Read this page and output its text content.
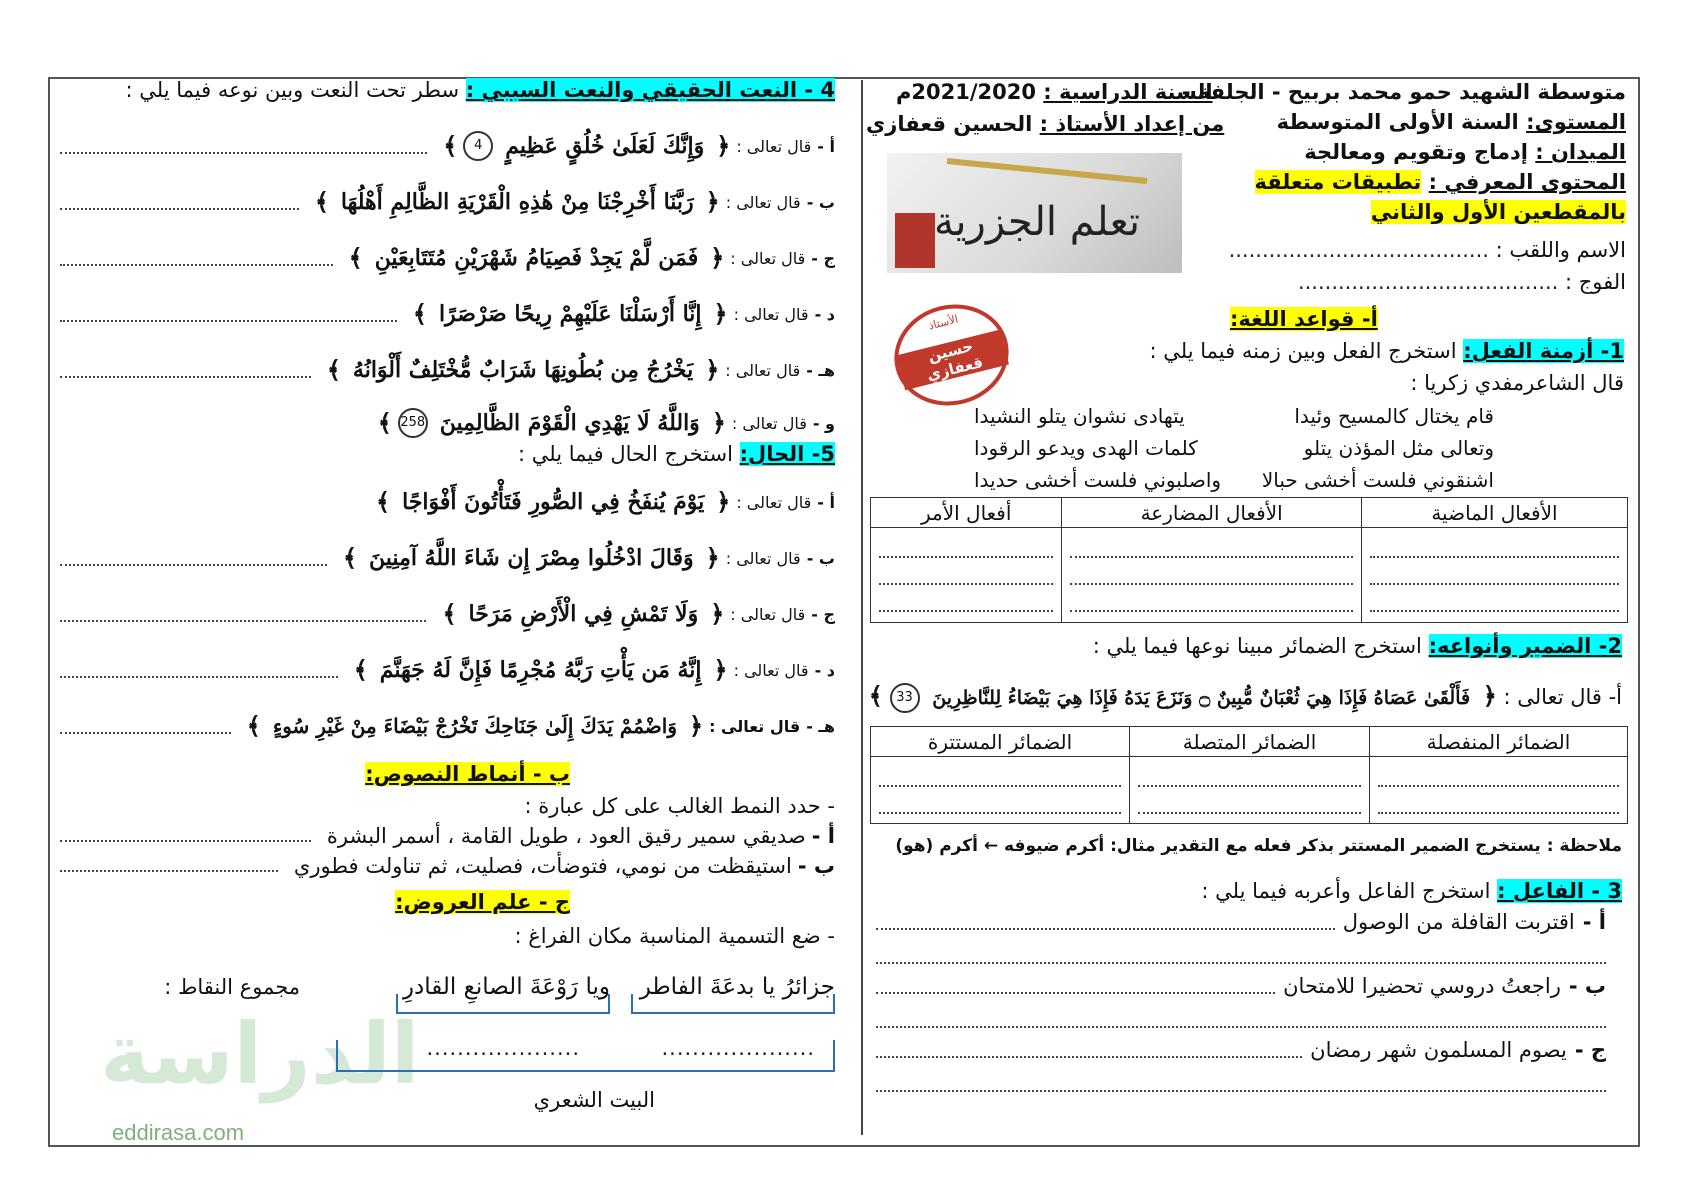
الدراسة
eddirasa.com
متوسطة الشهيد حمو محمد بربيح - الجلفة -
المستوى: السنة الأولى المتوسطة
الميدان : إدماج وتقويم ومعالجة
المحتوى المعرفي : تطبيقات متعلقة
بالمقطعين الأول والثاني
الاسم واللقب : .......................................
الفوج : .......................................
السنة الدراسية : 2021/2020م
من إعداد الأستاذ : الحسين قعفازي
تعلم الجزرية
الأستاذ
حسين قعفازي
أ- قواعد اللغة:
1- أزمنة الفعل: استخرج الفعل وبين زمنه فيما يلي :
قال الشاعرمفدي زكريا :
قام يختال كالمسيح وئيدا
يتهادى نشوان يتلو النشيدا
وتعالى مثل المؤذن يتلو
كلمات الهدى ويدعو الرقودا
اشنقوني فلست أخشى حبالا
واصلبوني فلست أخشى حديدا
الأفعال الماضية	الأفعال المضارعة	أفعال الأمر

2- الضمير وأنواعه: استخرج الضمائر مبينا نوعها فيما يلي :
أ- قال تعالى : ﴿ فَأَلْقَىٰ عَصَاهُ فَإِذَا هِيَ ثُعْبَانٌ مُّبِينٌ ۝ وَنَزَعَ يَدَهُ فَإِذَا هِيَ بَيْضَاءُ لِلنَّاظِرِينَ 33 ﴾
الضمائر المنفصلة	الضمائر المتصلة	الضمائر المستترة

ملاحظة : يستخرج الضمير المستتر بذكر فعله مع التقدير مثال: أكرم ضيوفه ← أكرم (هو)
3 - الفاعل : استخرج الفاعل وأعربه فيما يلي :
أ -
اقتربت القافلة من الوصول
ب -
راجعتُ دروسي تحضيرا للامتحان
ج -
يصوم المسلمون شهر رمضان
4 - النعت الحقيقي والنعت السببي : سطر تحت النعت وبين نوعه فيما يلي :
أ -
قال تعالى :
﴿
وَإِنَّكَ لَعَلَىٰ خُلُقٍ عَظِيمٍ
4
﴾
ب -
قال تعالى :
﴿
رَبَّنَا أَخْرِجْنَا مِنْ هَٰذِهِ الْقَرْيَةِ الظَّالِمِ أَهْلُهَا
﴾
ج -
قال تعالى :
﴿
فَمَن لَّمْ يَجِدْ فَصِيَامُ شَهْرَيْنِ مُتَتَابِعَيْنِ
﴾
د -
قال تعالى :
﴿
إِنَّا أَرْسَلْنَا عَلَيْهِمْ رِيحًا صَرْصَرًا
﴾
هـ -
قال تعالى :
﴿
يَخْرُجُ مِن بُطُونِهَا شَرَابٌ مُّخْتَلِفٌ أَلْوَانُهُ
﴾
و -
قال تعالى :
﴿
وَاللَّهُ لَا يَهْدِي الْقَوْمَ الظَّالِمِينَ
258
﴾
5- الحال: استخرج الحال فيما يلي :
أ -
قال تعالى :
﴿
يَوْمَ يُنفَخُ فِي الصُّورِ فَتَأْتُونَ أَفْوَاجًا
﴾
ب -
قال تعالى :
﴿
وَقَالَ ادْخُلُوا مِصْرَ إِن شَاءَ اللَّهُ آمِنِينَ
﴾
ج -
قال تعالى :
﴿
وَلَا تَمْشِ فِي الْأَرْضِ مَرَحًا
﴾
د -
قال تعالى :
﴿
إِنَّهُ مَن يَأْتِ رَبَّهُ مُجْرِمًا فَإِنَّ لَهُ جَهَنَّمَ
﴾
هـ -
قال تعالى :
﴿
وَاضْمُمْ يَدَكَ إِلَىٰ جَنَاحِكَ تَخْرُجْ بَيْضَاءَ مِنْ غَيْرِ سُوءٍ
﴾
ب - أنماط النصوص:
- حدد النمط الغالب على كل عبارة :
أ -
صديقي سمير رقيق العود ، طويل القامة ، أسمر البشرة
ب -
استيقظت من نومي، فتوضأت، فصليت، ثم تناولت فطوري
ج - علم العروض:
- ضع التسمية المناسبة مكان الفراغ :
جزائرُ يا بدعَةَ الفاطر
ويا رَوْعَةَ الصانعِ القادرِ
مجموع النقاط :
....................
....................
البيت الشعري
